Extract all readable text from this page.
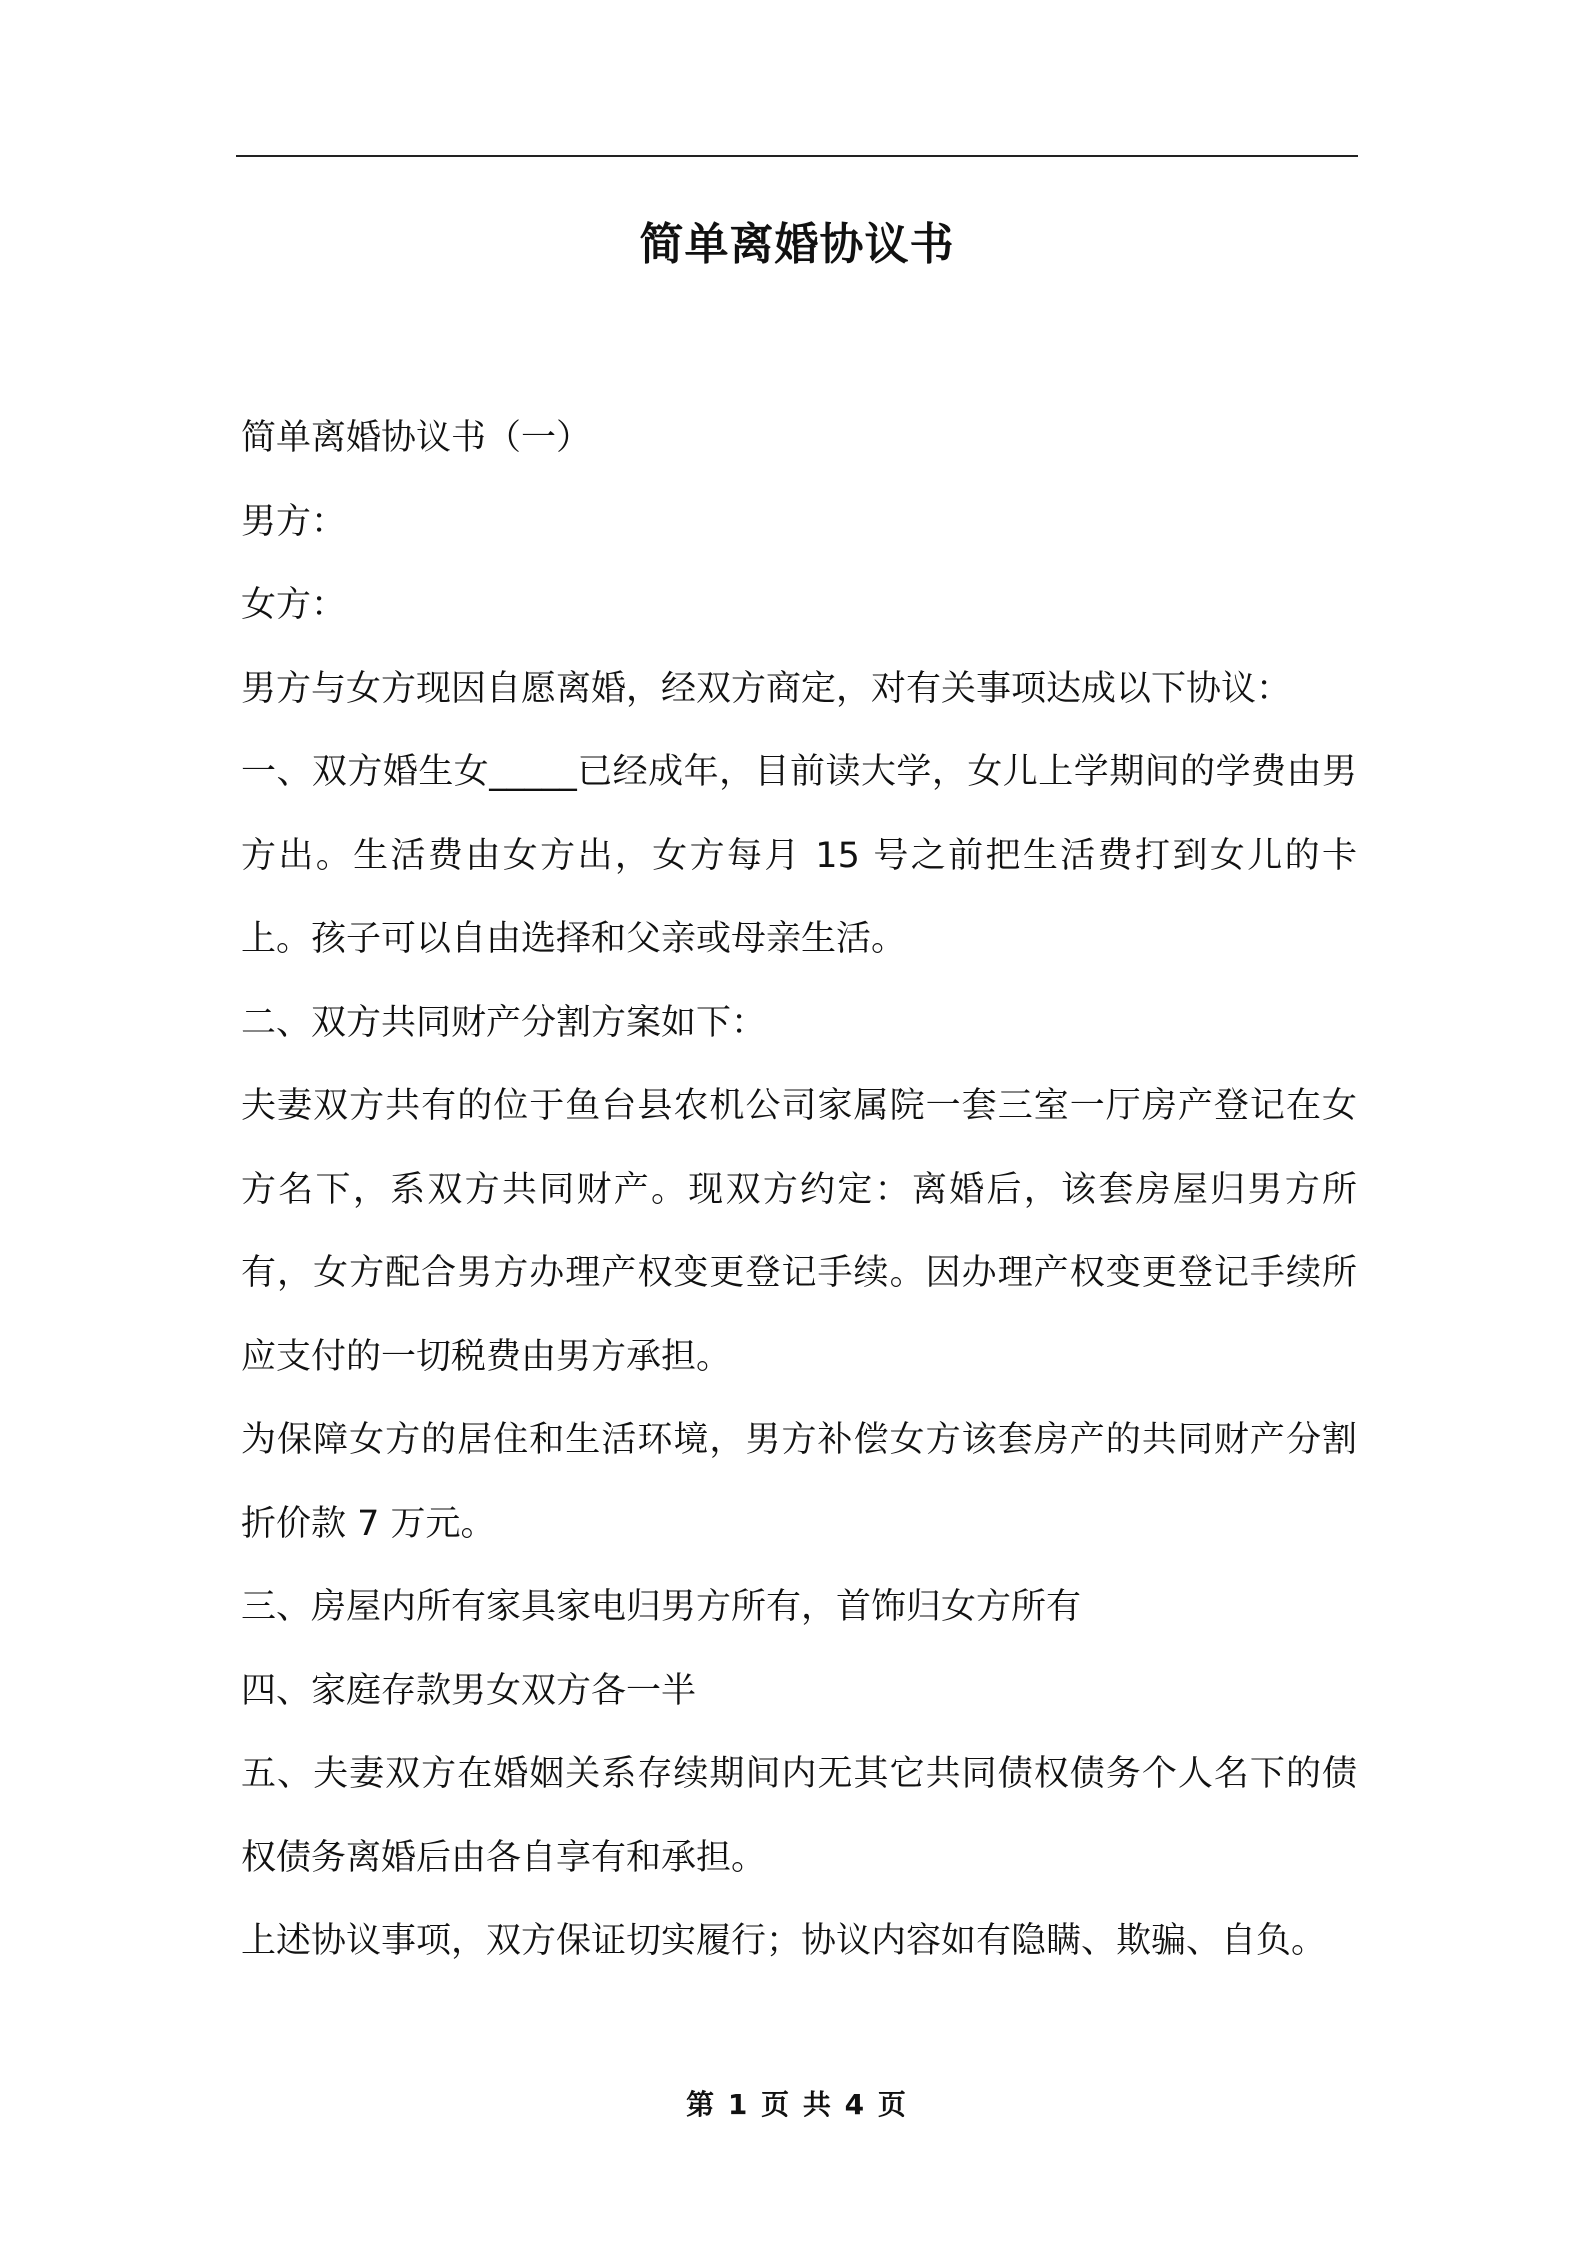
简单离婚协议书

简单离婚协议书（一）

男方：

女方：

男方与女方现因自愿离婚，经双方商定，对有关事项达成以下协议：

一、双方婚生女_____已经成年，目前读大学，女儿上学期间的学费由男方出。生活费由女方出，女方每月 15 号之前把生活费打到女儿的卡上。孩子可以自由选择和父亲或母亲生活。

二、双方共同财产分割方案如下：

夫妻双方共有的位于鱼台县农机公司家属院一套三室一厅房产登记在女方名下，系双方共同财产。现双方约定：离婚后，该套房屋归男方所有，女方配合男方办理产权变更登记手续。因办理产权变更登记手续所应支付的一切税费由男方承担。

为保障女方的居住和生活环境，男方补偿女方该套房产的共同财产分割折价款 7 万元。

三、房屋内所有家具家电归男方所有，首饰归女方所有

四、家庭存款男女双方各一半

五、夫妻双方在婚姻关系存续期间内无其它共同债权债务个人名下的债权债务离婚后由各自享有和承担。

上述协议事项，双方保证切实履行；协议内容如有隐瞒、欺骗、自负。

第 1 页 共 4 页
